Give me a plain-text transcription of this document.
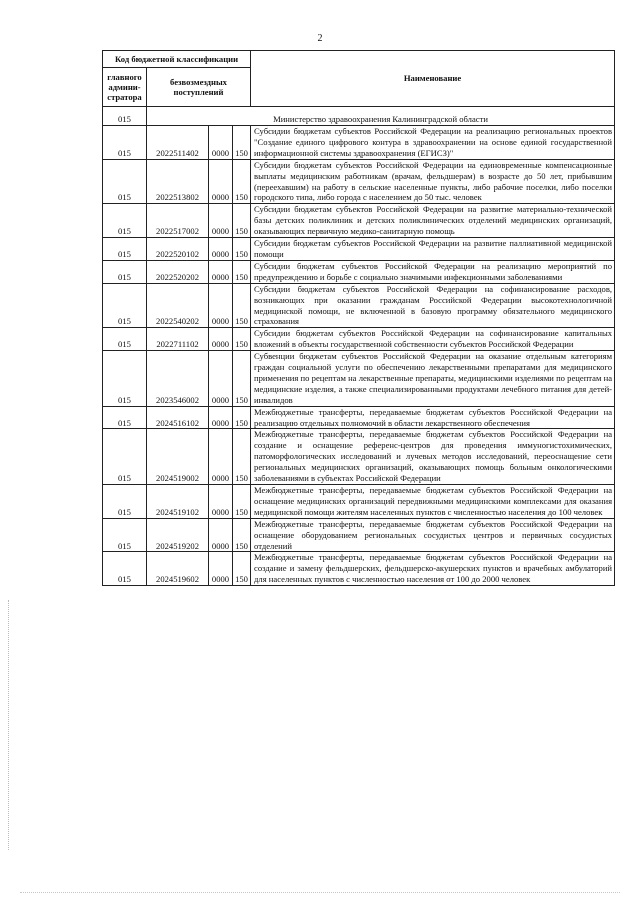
2
Код бюджетной классификации				Наименование
главного админи-стратора	безвозмездных поступлений			
015	Министерство здравоохранения Калининградской области			
015	2022511402	0000	150	Субсидии бюджетам субъектов Российской Федерации на реализацию региональных проектов "Создание единого цифрового контура в здравоохранении на основе единой государственной информационной системы здравоохранения (ЕГИСЗ)"
015	2022513802	0000	150	Субсидии бюджетам субъектов Российской Федерации на единовременные компенсационные выплаты медицинским работникам (врачам, фельдшерам) в возрасте до 50 лет, прибывшим (переехавшим) на работу в сельские населенные пункты, либо рабочие поселки, либо поселки городского типа, либо города с населением до 50 тыс. человек
015	2022517002	0000	150	Субсидии бюджетам субъектов Российской Федерации на развитие материально-технической базы детских поликлиник и детских поликлинических отделений медицинских организаций, оказывающих первичную медико-санитарную помощь
015	2022520102	0000	150	Субсидии бюджетам субъектов Российской Федерации на развитие паллиативной медицинской помощи
015	2022520202	0000	150	Субсидии бюджетам субъектов Российской Федерации на реализацию мероприятий по предупреждению и борьбе с социально значимыми инфекционными заболеваниями
015	2022540202	0000	150	Субсидии бюджетам субъектов Российской Федерации на софинансирование расходов, возникающих при оказании гражданам Российской Федерации высокотехнологичной медицинской помощи, не включенной в базовую программу обязательного медицинского страхования
015	2022711102	0000	150	Субсидии бюджетам субъектов Российской Федерации на софинансирование капитальных вложений в объекты государственной собственности субъектов Российской Федерации
015	2023546002	0000	150	Субвенции бюджетам субъектов Российской Федерации на оказание отдельным категориям граждан социальной услуги по обеспечению лекарственными препаратами для медицинского применения по рецептам на лекарственные препараты, медицинскими изделиями по рецептам на медицинские изделия, а также специализированными продуктами лечебного питания для детей-инвалидов
015	2024516102	0000	150	Межбюджетные трансферты, передаваемые бюджетам субъектов Российской Федерации на реализацию отдельных полномочий в области лекарственного обеспечения
015	2024519002	0000	150	Межбюджетные трансферты, передаваемые бюджетам субъектов Российской Федерации на создание и оснащение референс-центров для проведения иммуногистохимических, патоморфологических исследований и лучевых методов исследований, переоснащение сети региональных медицинских организаций, оказывающих помощь больным онкологическими заболеваниями в субъектах Российской Федерации
015	2024519102	0000	150	Межбюджетные трансферты, передаваемые бюджетам субъектов Российской Федерации на оснащение медицинских организаций передвижными медицинскими комплексами для оказания медицинской помощи жителям населенных пунктов с численностью населения до 100 человек
015	2024519202	0000	150	Межбюджетные трансферты, передаваемые бюджетам субъектов Российской Федерации на оснащение оборудованием региональных сосудистых центров и первичных сосудистых отделений
015	2024519602	0000	150	Межбюджетные трансферты, передаваемые бюджетам субъектов Российской Федерации на создание и замену фельдшерских, фельдшерско-акушерских пунктов и врачебных амбулаторий для населенных пунктов с численностью населения от 100 до 2000 человек
